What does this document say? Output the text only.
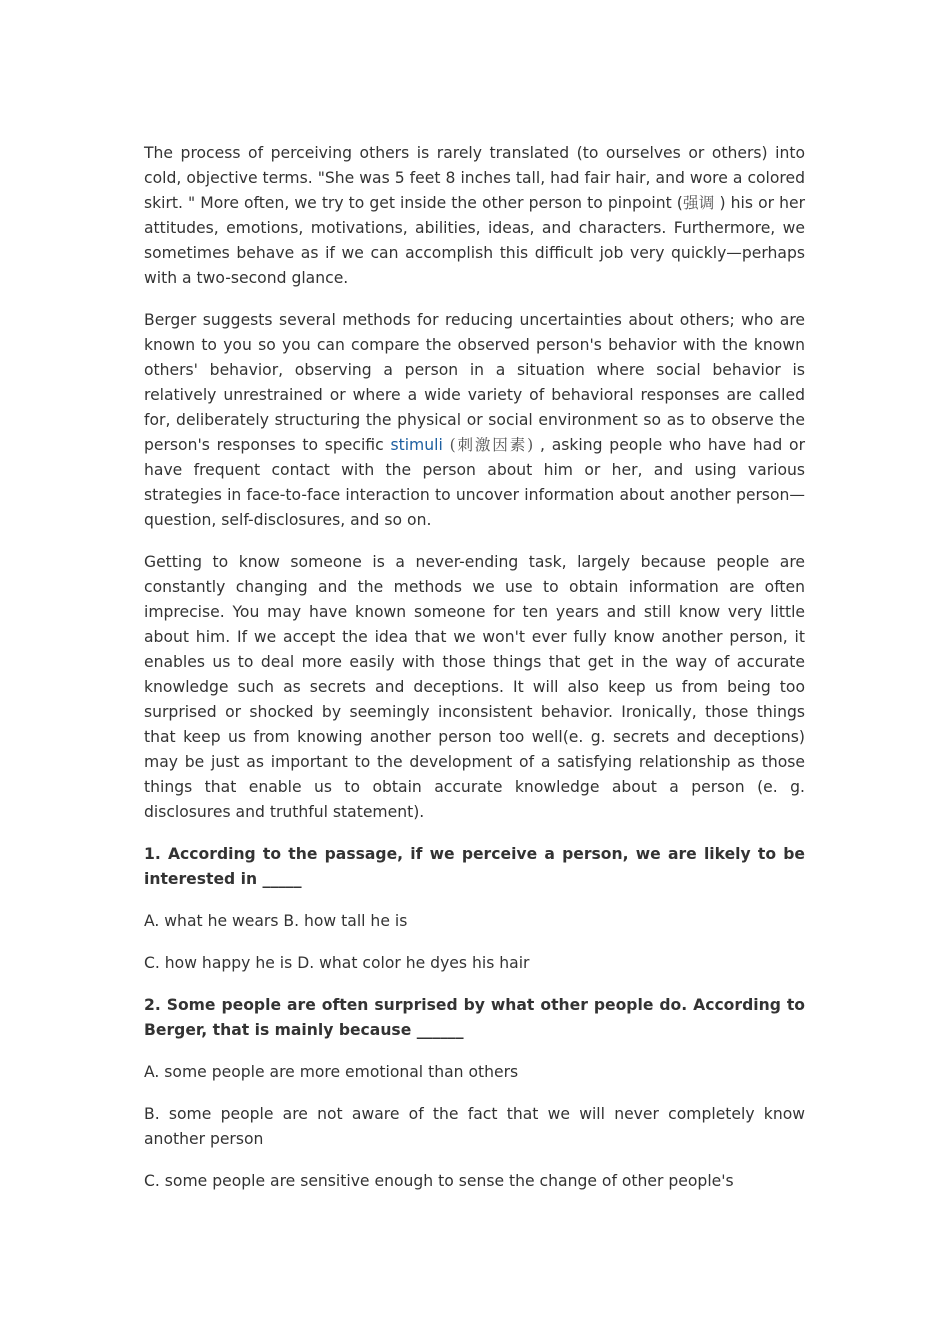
The process of perceiving others is rarely translated (to ourselves or others) into cold, objective terms. "She was 5 feet 8 inches tall, had fair hair, and wore a colored skirt. " More often, we try to get inside the other person to pinpoint (强调 ) his or her attitudes, emotions, motivations, abilities, ideas, and characters. Furthermore, we sometimes behave as if we can accomplish this difficult job very quickly—perhaps with a two-second glance.

Berger suggests several methods for reducing uncertainties about others; who are known to you so you can compare the observed person's behavior with the known others' behavior, observing a person in a situation where social behavior is relatively unrestrained or where a wide variety of behavioral responses are called for, deliberately structuring the physical or social environment so as to observe the person's responses to specific stimuli (刺激因素) , asking people who have had or have frequent contact with the person about him or her, and using various strategies in face-to-face interaction to uncover information about another person—question, self-disclosures, and so on.

Getting to know someone is a never-ending task, largely because people are constantly changing and the methods we use to obtain information are often imprecise. You may have known someone for ten years and still know very little about him. If we accept the idea that we won't ever fully know another person, it enables us to deal more easily with those things that get in the way of accurate knowledge such as secrets and deceptions. It will also keep us from being too surprised or shocked by seemingly inconsistent behavior. Ironically, those things that keep us from knowing another person too well(e. g. secrets and deceptions) may be just as important to the development of a satisfying relationship as those things that enable us to obtain accurate knowledge about a person (e. g. disclosures and truthful statement).

1. According to the passage, if we perceive a person, we are likely to be interested in _____

A. what he wears B. how tall he is

C. how happy he is D. what color he dyes his hair

2. Some people are often surprised by what other people do. According to Berger, that is mainly because ______

A. some people are more emotional than others

B. some people are not aware of the fact that we will never completely know another person

C. some people are sensitive enough to sense the change of other people's
